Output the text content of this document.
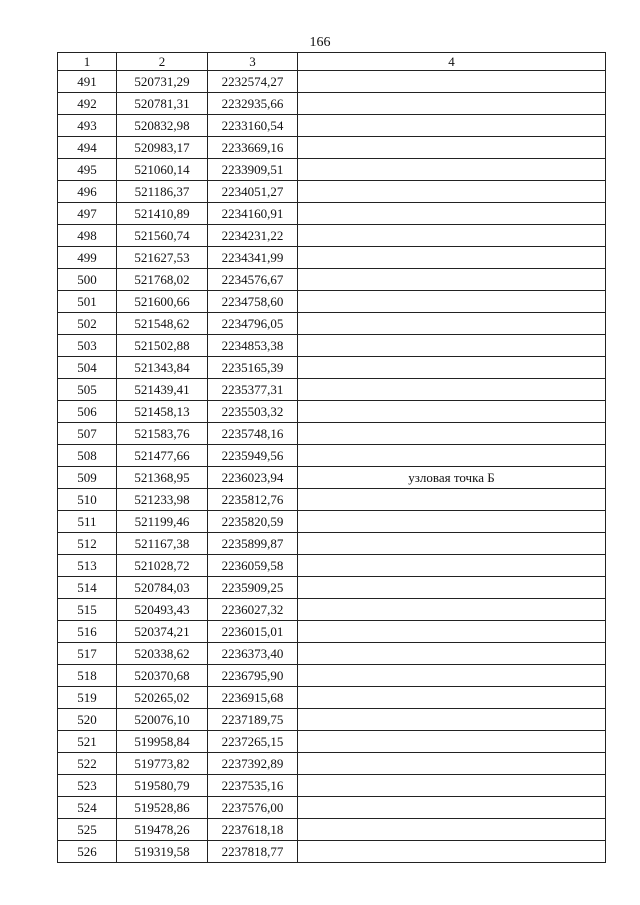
166
1	2	3	4
491	520731,29	2232574,27	
492	520781,31	2232935,66	
493	520832,98	2233160,54	
494	520983,17	2233669,16	
495	521060,14	2233909,51	
496	521186,37	2234051,27	
497	521410,89	2234160,91	
498	521560,74	2234231,22	
499	521627,53	2234341,99	
500	521768,02	2234576,67	
501	521600,66	2234758,60	
502	521548,62	2234796,05	
503	521502,88	2234853,38	
504	521343,84	2235165,39	
505	521439,41	2235377,31	
506	521458,13	2235503,32	
507	521583,76	2235748,16	
508	521477,66	2235949,56	
509	521368,95	2236023,94	узловая точка Б
510	521233,98	2235812,76	
511	521199,46	2235820,59	
512	521167,38	2235899,87	
513	521028,72	2236059,58	
514	520784,03	2235909,25	
515	520493,43	2236027,32	
516	520374,21	2236015,01	
517	520338,62	2236373,40	
518	520370,68	2236795,90	
519	520265,02	2236915,68	
520	520076,10	2237189,75	
521	519958,84	2237265,15	
522	519773,82	2237392,89	
523	519580,79	2237535,16	
524	519528,86	2237576,00	
525	519478,26	2237618,18	
526	519319,58	2237818,77	
